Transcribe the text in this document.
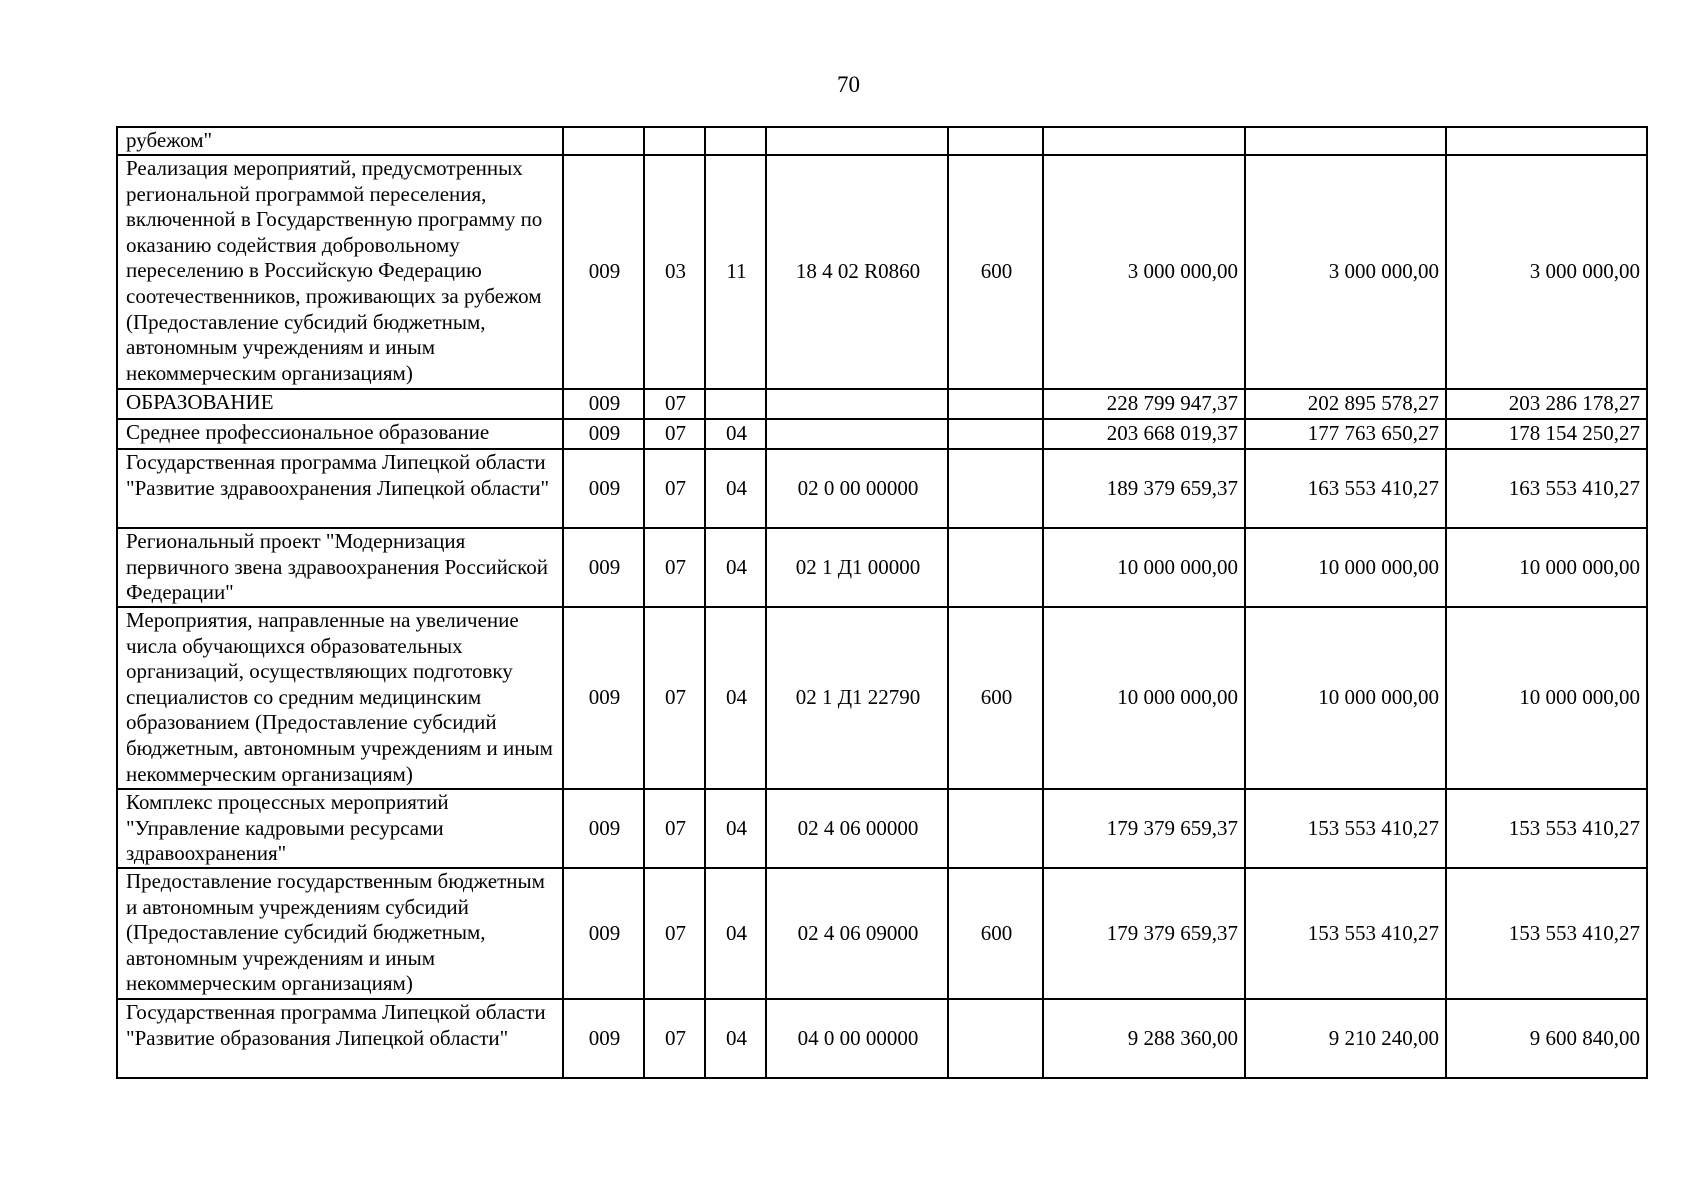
70
рубежом"								
Реализация мероприятий, предусмотренных региональной программой переселения, включенной в Государственную программу по оказанию содействия добровольному переселению в Российскую Федерацию соотечественников, проживающих за рубежом (Предоставление субсидий бюджетным, автономным учреждениям и иным некоммерческим организациям)	009	03	11	18 4 02 R0860	600	3 000 000,00	3 000 000,00	3 000 000,00
ОБРАЗОВАНИЕ	009	07				228 799 947,37	202 895 578,27	203 286 178,27
Среднее профессиональное образование	009	07	04			203 668 019,37	177 763 650,27	178 154 250,27
Государственная программа Липецкой области "Развитие здравоохранения Липецкой области"	009	07	04	02 0 00 00000		189 379 659,37	163 553 410,27	163 553 410,27
Региональный проект "Модернизация первичного звена здравоохранения Российской Федерации"	009	07	04	02 1 Д1 00000		10 000 000,00	10 000 000,00	10 000 000,00
Мероприятия, направленные на увеличение числа обучающихся образовательных организаций, осуществляющих подготовку специалистов со средним медицинским образованием (Предоставление субсидий бюджетным, автономным учреждениям и иным некоммерческим организациям)	009	07	04	02 1 Д1 22790	600	10 000 000,00	10 000 000,00	10 000 000,00
Комплекс процессных мероприятий "Управление кадровыми ресурсами здравоохранения"	009	07	04	02 4 06 00000		179 379 659,37	153 553 410,27	153 553 410,27
Предоставление государственным бюджетным и автономным учреждениям субсидий (Предоставление субсидий бюджетным, автономным учреждениям и иным некоммерческим организациям)	009	07	04	02 4 06 09000	600	179 379 659,37	153 553 410,27	153 553 410,27
Государственная программа Липецкой области "Развитие образования Липецкой области"	009	07	04	04 0 00 00000		9 288 360,00	9 210 240,00	9 600 840,00
